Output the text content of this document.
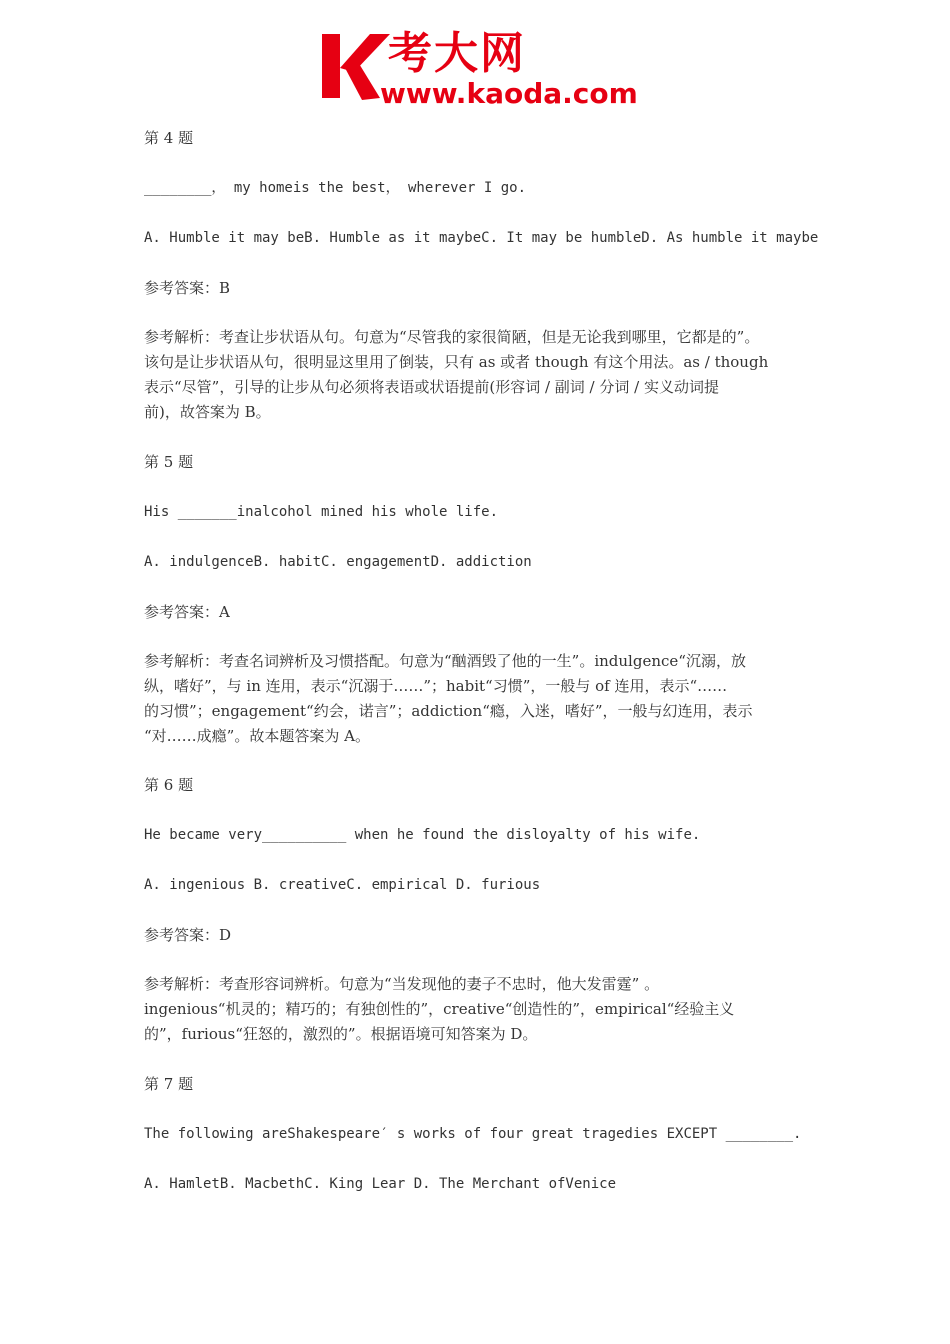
考大网
www.kaoda.com
第 4 题
________， my homeis the best， wherever I go.
A. Humble it may beB. Humble as it maybeC. It may be humbleD. As humble it maybe
参考答案：B
参考解析：考查让步状语从句。句意为“尽管我的家很简陋，但是无论我到哪里，它都是的”。
该句是让步状语从句，很明显这里用了倒装，只有 as 或者 though 有这个用法。as / though
表示“尽管”，引导的让步从句必须将表语或状语提前(形容词 / 副词 / 分词 / 实义动词提
前)，故答案为 B。
第 5 题
His _______inalcohol mined his whole life.
A. indulgenceB. habitC. engagementD. addiction
参考答案：A
参考解析：考查名词辨析及习惯搭配。句意为“酗酒毁了他的一生”。indulgence“沉溺，放
纵，嗜好”，与 in 连用，表示“沉溺于……”；habit“习惯”，一般与 of 连用，表示“……
的习惯”；engagement“约会，诺言”；addiction“瘾，入迷，嗜好”，一般与幻连用，表示
“对……成瘾”。故本题答案为 A。
第 6 题
He became very__________ when he found the disloyalty of his wife.
A. ingenious B. creativeC. empirical D. furious
参考答案：D
参考解析：考查形容词辨析。句意为“当发现他的妻子不忠时，他大发雷霆” 。
ingenious“机灵的；精巧的；有独创性的”，creative“创造性的”，empirical“经验主义
的”，furious“狂怒的，激烈的”。根据语境可知答案为 D。
第 7 题
The following areShakespeare′ s works of four great tragedies EXCEPT ________.
A. HamletB. MacbethC. King Lear D. The Merchant ofVenice
